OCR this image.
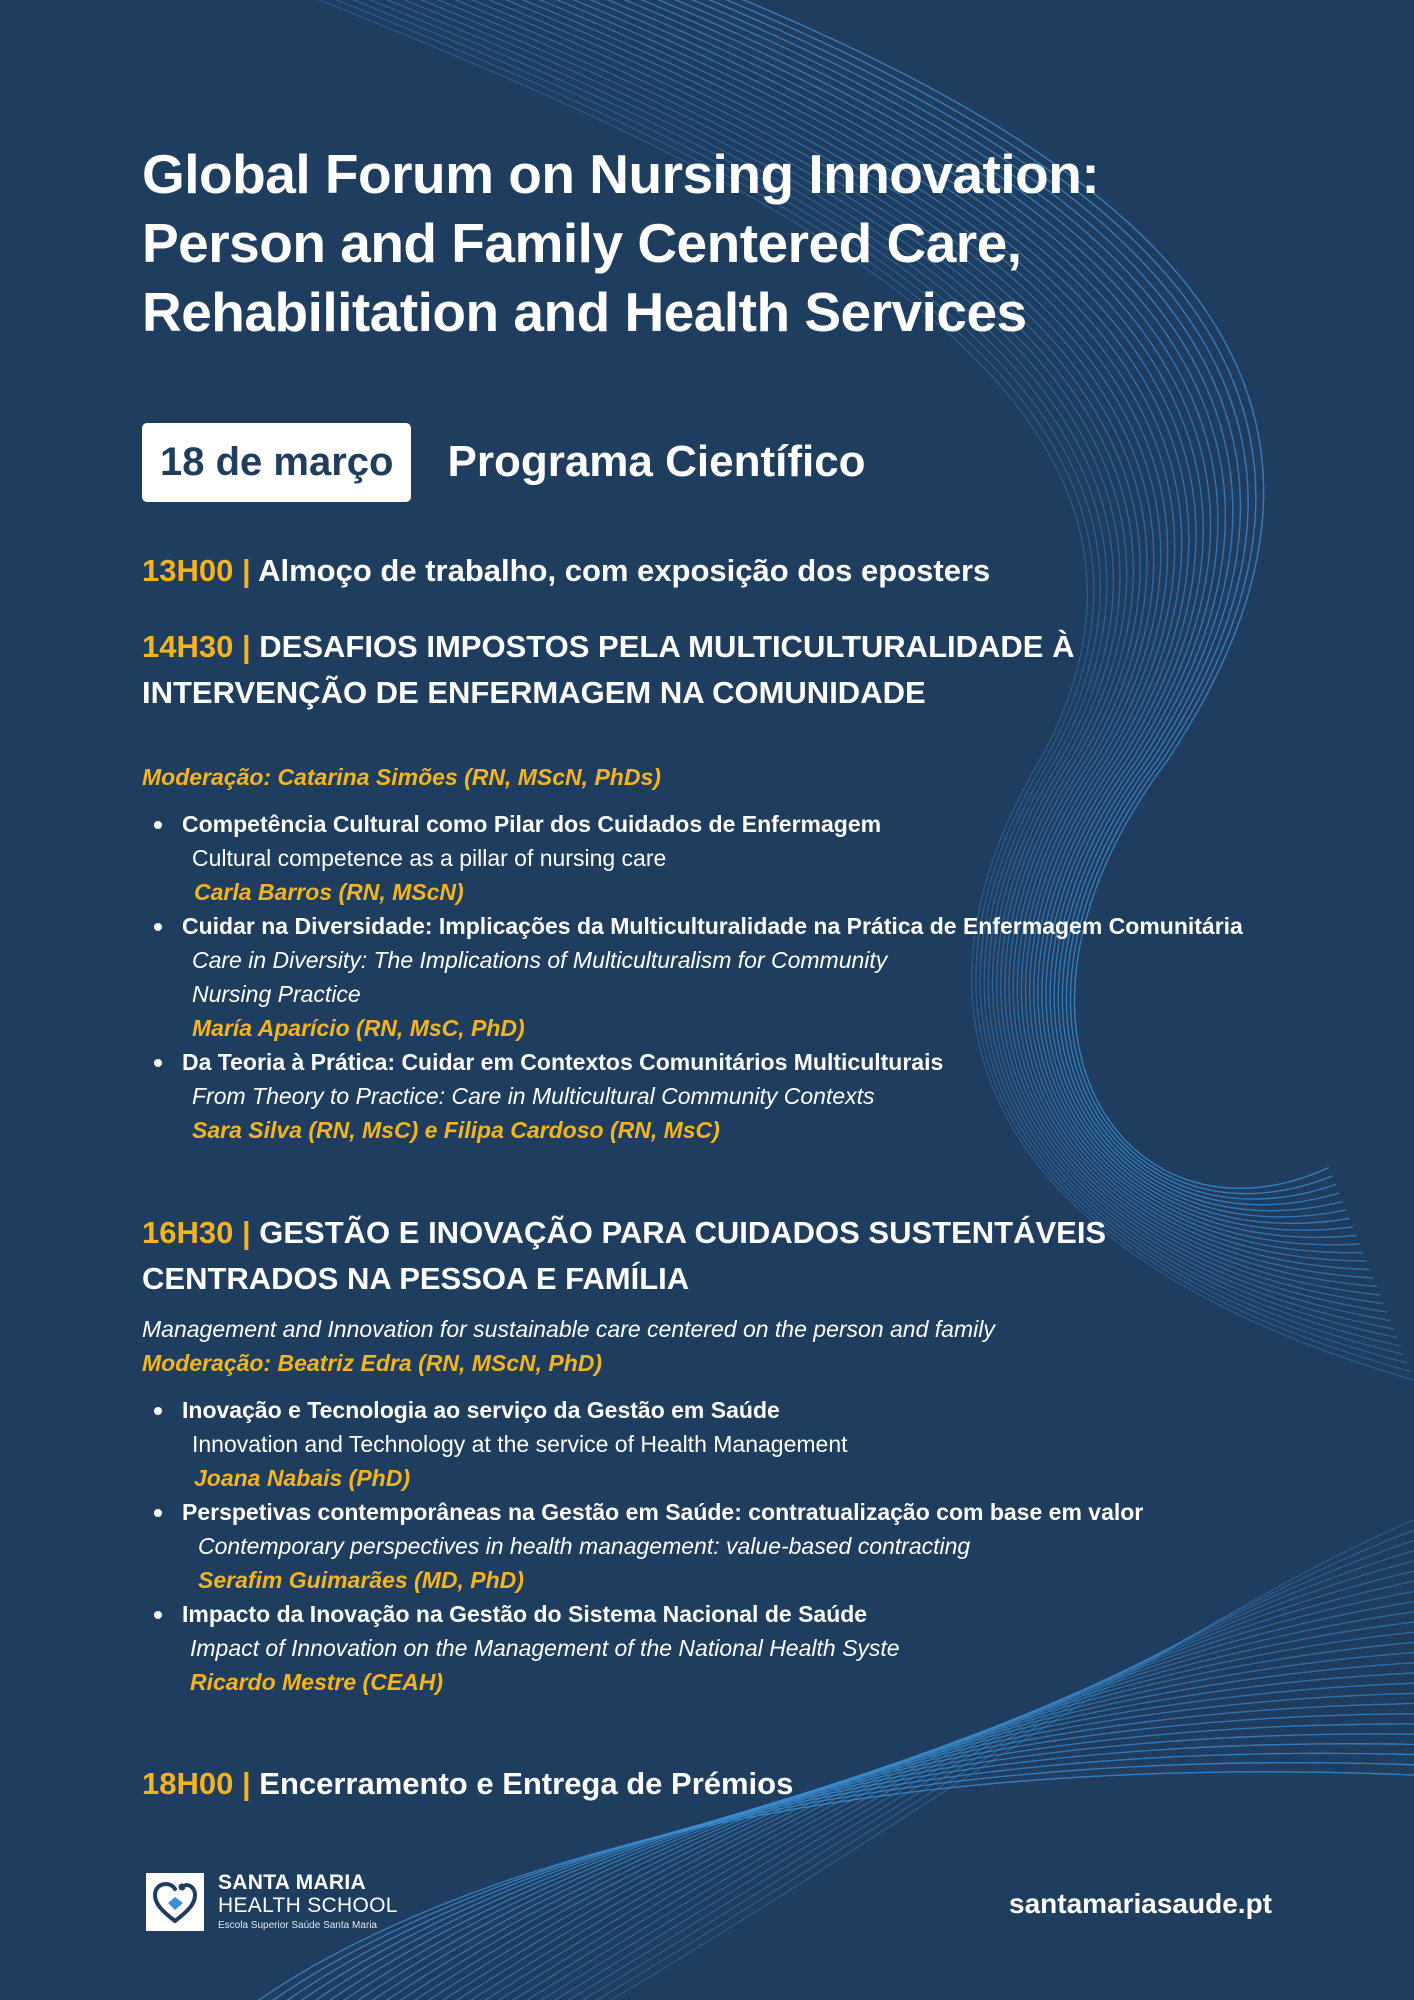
Global Forum on Nursing Innovation:
Person and Family Centered Care,
Rehabilitation and Health Services
18 de março	Programa Científico
13H00 | Almoço de trabalho, com exposição dos eposters
14H30 | DESAFIOS IMPOSTOS PELA MULTICULTURALIDADE À
INTERVENÇÃO DE ENFERMAGEM NA COMUNIDADE
Moderação: Catarina Simões (RN, MScN, PhDs)
Competência Cultural como Pilar dos Cuidados de Enfermagem
Cultural competence as a pillar of nursing care
Carla Barros (RN, MScN)
Cuidar na Diversidade: Implicações da Multiculturalidade na Prática de Enfermagem Comunitária
Care in Diversity: The Implications of Multiculturalism for Community Nursing Practice
María Aparício (RN, MsC, PhD)
Da Teoria à Prática: Cuidar em Contextos Comunitários Multiculturais
From Theory to Practice: Care in Multicultural Community Contexts
Sara Silva (RN, MsC) e Filipa Cardoso (RN, MsC)
16H30 | GESTÃO E INOVAÇÃO PARA CUIDADOS SUSTENTÁVEIS
CENTRADOS NA PESSOA E FAMÍLIA
Management and Innovation for sustainable care centered on the person and family
Moderação: Beatriz Edra (RN, MScN, PhD)
Inovação e Tecnologia ao serviço da Gestão em Saúde
Innovation and Technology at the service of Health Management
Joana Nabais (PhD)
Perspetivas contemporâneas na Gestão em Saúde: contratualização com base em valor
Contemporary perspectives in health management: value-based contracting
Serafim Guimarães (MD, PhD)
Impacto da Inovação na Gestão do Sistema Nacional de Saúde
Impact of Innovation on the Management of the National Health Syste
Ricardo Mestre (CEAH)
18H00 | Encerramento e Entrega de Prémios
SANTA MARIA
HEALTH SCHOOL
Escola Superior Saúde Santa Maria
santamariasaude.pt
